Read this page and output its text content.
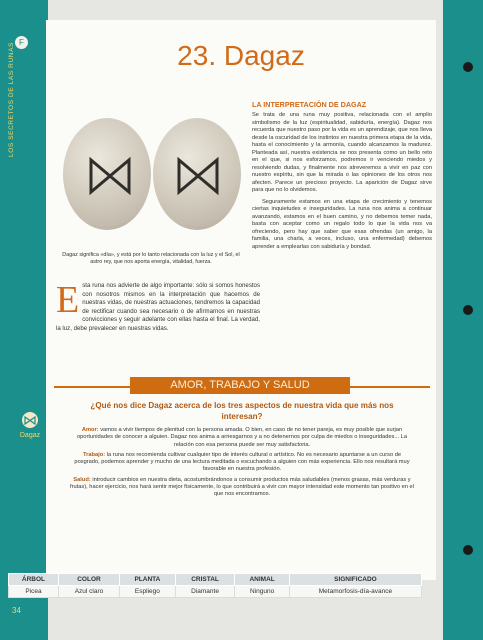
F
LOS SECRETOS DE LAS RUNAS
34
Dagaz
23. Dagaz
Dagaz significa «día», y está por lo tanto relacionada con la luz y el Sol, el astro rey, que nos aporta energía, vitalidad, fuerza.
E sta runa nos advierte de algo importante: sólo si somos honestos con nosotros mismos en la interpretación que hacemos de nuestras vidas, de nuestras actuaciones, tendremos la capacidad de rectificar cuando sea necesario o de afirmarnos en nuestras convicciones y seguir adelante con ellas hasta el final. La verdad, la luz, debe prevalecer en nuestras vidas.
LA INTERPRETACIÓN DE DAGAZ

Se trata de una runa muy positiva, relacionada con el amplio simbolismo de la luz (espiritualidad, sabiduría, energía). Dagaz nos recuerda que nuestro paso por la vida es un aprendizaje, que nos lleva desde la oscuridad de los instintos en nuestra primera etapa de la vida, hasta el conocimiento y la armonía, cuando alcanzamos la madurez. Planteada así, nuestra existencia se nos presenta como un bello reto en el que, si nos esforzamos, podremos ir venciendo miedos y resolviendo dudas, y finalmente nos atreveremos a vivir en paz con nuestro espíritu, sin que la mirada o las opiniones de los otros nos afecten. Parece un precioso proyecto. La aparición de Dagaz sirve para que no lo olvidemos.

Seguramente estamos en una etapa de crecimiento y tenemos ciertas inquietudes e inseguridades. La runa nos anima a continuar avanzando, estamos en el buen camino, y no debemos temer nada, basta con aceptar como un regalo todo lo que la vida nos va ofreciendo, pero hay que saber que esas ofrendas (un amigo, la familia, una charla, a veces, incluso, una enfermedad) debemos aprender a emplearlas con sabiduría y bondad.

AMOR, TRABAJO Y SALUD
¿Qué nos dice Dagaz acerca de los tres aspectos de nuestra vida que más nos interesan?

Amor: vamos a vivir tiempos de plenitud con la persona amada. O bien, en caso de no tener pareja, es muy posible que surjan oportunidades de conocer a alguien. Dagaz nos anima a arriesgarnos y a no detenernos por culpa de miedos o inseguridades... La relación con esa persona puede ser muy satisfactoria.

Trabajo: la runa nos recomienda cultivar cualquier tipo de interés cultural o artístico. No es necesario apuntarse a un curso de posgrado, podemos aprender y mucho de una lectura meditada o escuchando a alguien con más experiencia. Ello nos resultará muy favorable en nuestra profesión.

Salud: introducir cambios en nuestra dieta, acostumbrándonos a consumir productos más saludables (menos grasas, más verduras y frutas), hacer ejercicio, nos hará sentir mejor físicamente, lo que contribuirá a vivir con mayor intensidad este momento tan positivo en el que nos encontramos.

ÁRBOL	COLOR	PLANTA	CRISTAL	ANIMAL	SIGNIFICADO
Picea	Azul claro	Espliego	Diamante	Ninguno	Metamorfosis-día-avance
